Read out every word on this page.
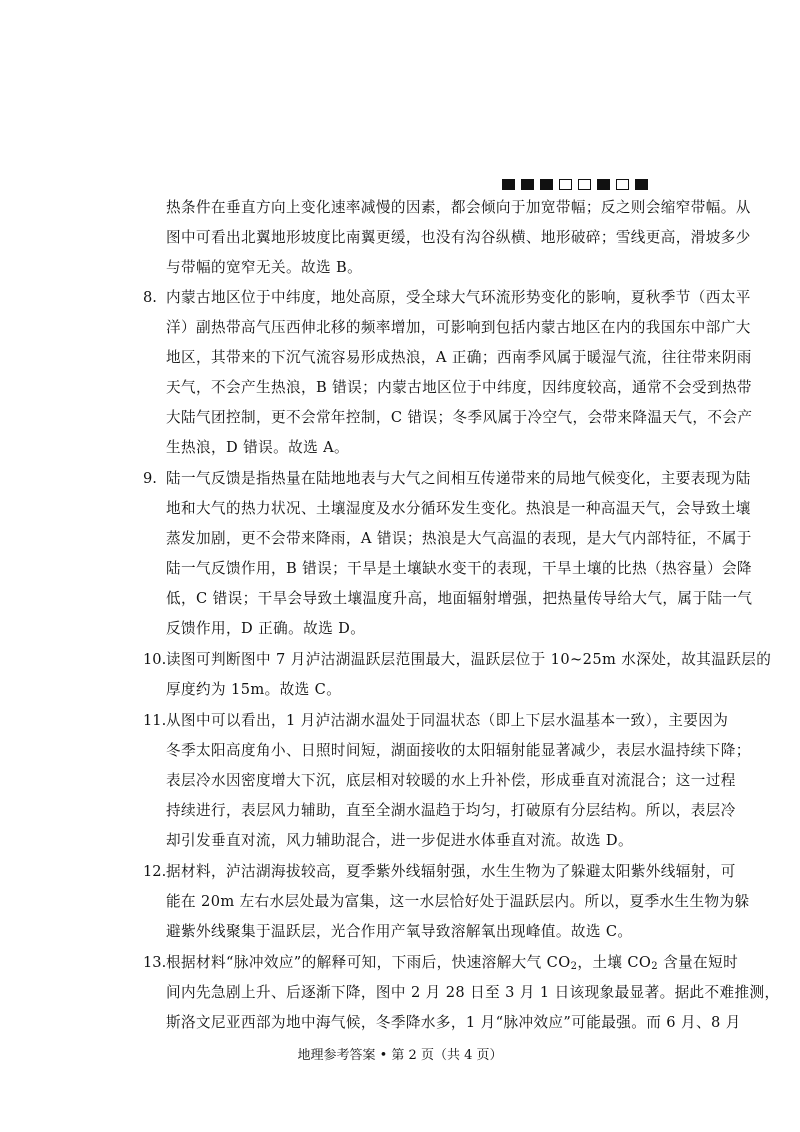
热条件在垂直方向上变化速率减慢的因素，都会倾向于加宽带幅；反之则会缩窄带幅。从
图中可看出北翼地形坡度比南翼更缓，也没有沟谷纵横、地形破碎；雪线更高，滑坡多少
与带幅的宽窄无关。故选 B。
8. 内蒙古地区位于中纬度，地处高原，受全球大气环流形势变化的影响，夏秋季节（西太平
洋）副热带高气压西伸北移的频率增加，可影响到包括内蒙古地区在内的我国东中部广大
地区，其带来的下沉气流容易形成热浪，A 正确；西南季风属于暖湿气流，往往带来阴雨
天气，不会产生热浪，B 错误；内蒙古地区位于中纬度，因纬度较高，通常不会受到热带
大陆气团控制，更不会常年控制，C 错误；冬季风属于冷空气，会带来降温天气，不会产
生热浪，D 错误。故选 A。
9. 陆一气反馈是指热量在陆地地表与大气之间相互传递带来的局地气候变化，主要表现为陆
地和大气的热力状况、土壤湿度及水分循环发生变化。热浪是一种高温天气，会导致土壤
蒸发加剧，更不会带来降雨，A 错误；热浪是大气高温的表现，是大气内部特征，不属于
陆一气反馈作用，B 错误；干旱是土壤缺水变干的表现，干旱土壤的比热（热容量）会降
低，C 错误；干旱会导致土壤温度升高，地面辐射增强，把热量传导给大气，属于陆一气
反馈作用，D 正确。故选 D。
10. 读图可判断图中 7 月泸沽湖温跃层范围最大，温跃层位于 10~25m 水深处，故其温跃层的
厚度约为 15m。故选 C。
11. 从图中可以看出，1 月泸沽湖水温处于同温状态（即上下层水温基本一致），主要因为
冬季太阳高度角小、日照时间短，湖面接收的太阳辐射能显著减少，表层水温持续下降；
表层冷水因密度增大下沉，底层相对较暖的水上升补偿，形成垂直对流混合；这一过程
持续进行，表层风力辅助，直至全湖水温趋于均匀，打破原有分层结构。所以，表层冷
却引发垂直对流，风力辅助混合，进一步促进水体垂直对流。故选 D。
12. 据材料，泸沽湖海拔较高，夏季紫外线辐射强，水生生物为了躲避太阳紫外线辐射，可
能在 20m 左右水层处最为富集，这一水层恰好处于温跃层内。所以，夏季水生生物为躲
避紫外线聚集于温跃层，光合作用产氧导致溶解氧出现峰值。故选 C。
13. 根据材料“脉冲效应”的解释可知，下雨后，快速溶解大气 $CO_2$，土壤 $CO_2$ 含量在短时
间内先急剧上升、后逐渐下降，图中 2 月 28 日至 3 月 1 日该现象最显著。据此不难推测，
斯洛文尼亚西部为地中海气候，冬季降水多，1 月“脉冲效应”可能最强。而 6 月、8 月
地理参考答案 • 第 2 页（共 4 页）
